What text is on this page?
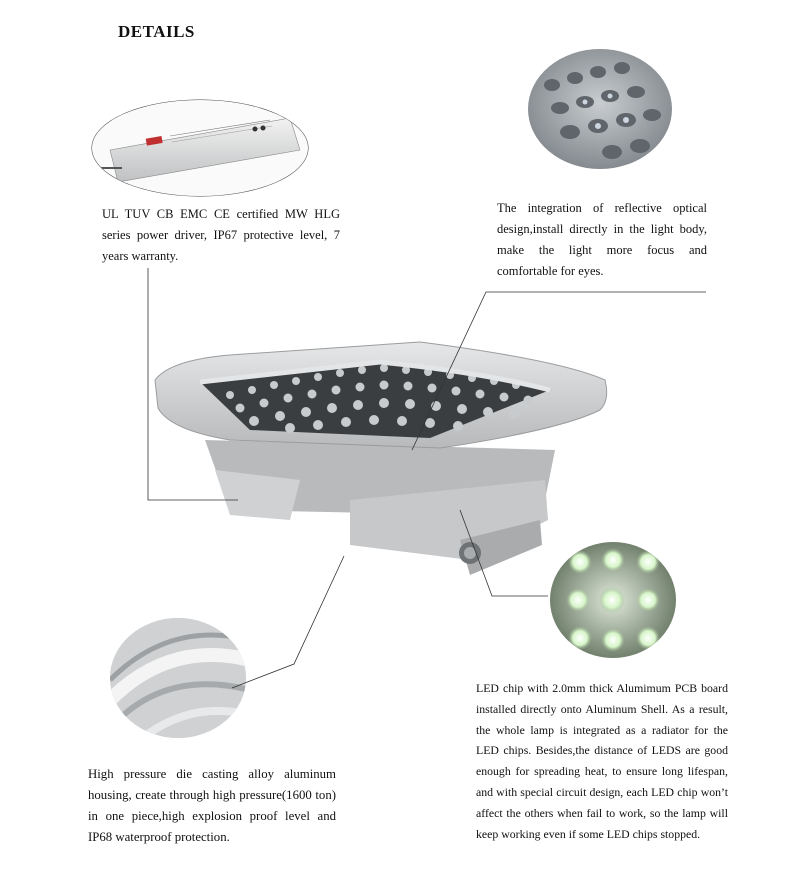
DETAILS
UL TUV CB EMC CE certified MW HLG series power driver, IP67 protective level, 7 years warranty.
The integration of reflective optical design,install directly in the light body, make the light more focus and comfortable for eyes.
High pressure die casting alloy aluminum housing, create through high pressure(1600 ton) in one piece,high explosion proof level and IP68 waterproof protection.
LED chip with 2.0mm thick Alumimum PCB board installed directly onto Aluminum Shell. As a result, the whole lamp is integrated as a radiator for the LED chips. Besides,the distance of LEDS are good enough for spreading heat, to ensure long lifespan, and with special circuit design, each LED chip won’t affect the others when fail to work, so the lamp will keep working even if some LED chips stopped.
